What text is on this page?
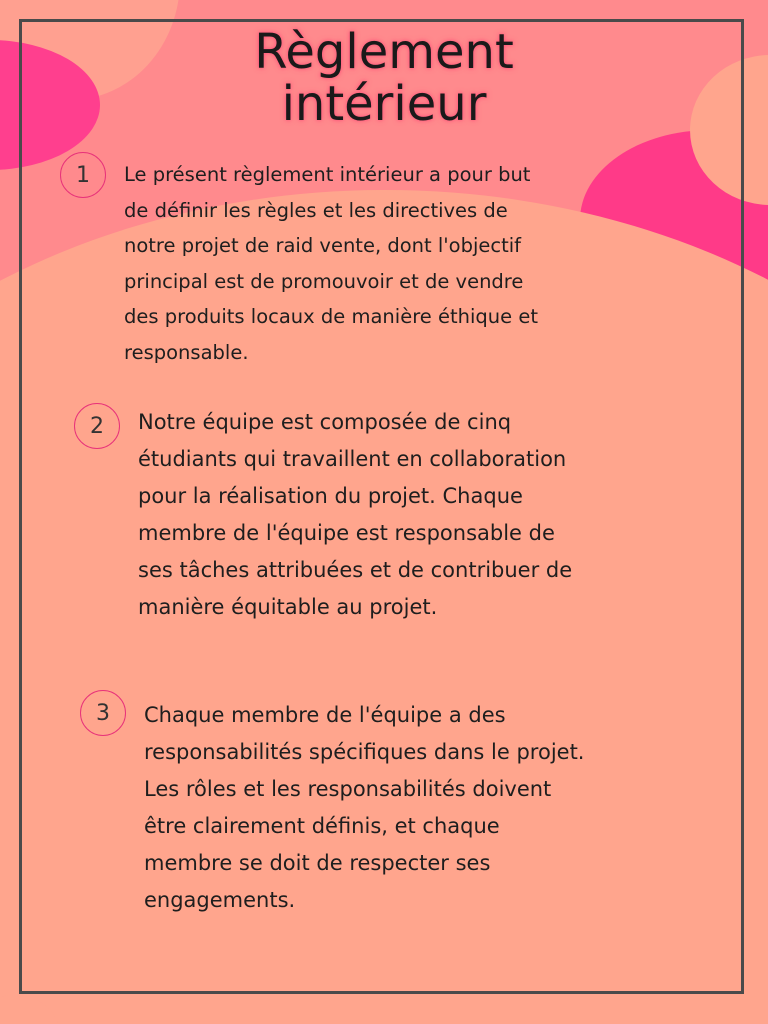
Règlement
intérieur
1	Le présent règlement intérieur a pour but
de définir les règles et les directives de
notre projet de raid vente, dont l'objectif
principal est de promouvoir et de vendre
des produits locaux de manière éthique et
responsable.

2	Notre équipe est composée de cinq
étudiants qui travaillent en collaboration
pour la réalisation du projet. Chaque
membre de l'équipe est responsable de
ses tâches attribuées et de contribuer de
manière équitable au projet.

3	Chaque membre de l'équipe a des
responsabilités spécifiques dans le projet.
Les rôles et les responsabilités doivent
être clairement définis, et chaque
membre se doit de respecter ses
engagements.
